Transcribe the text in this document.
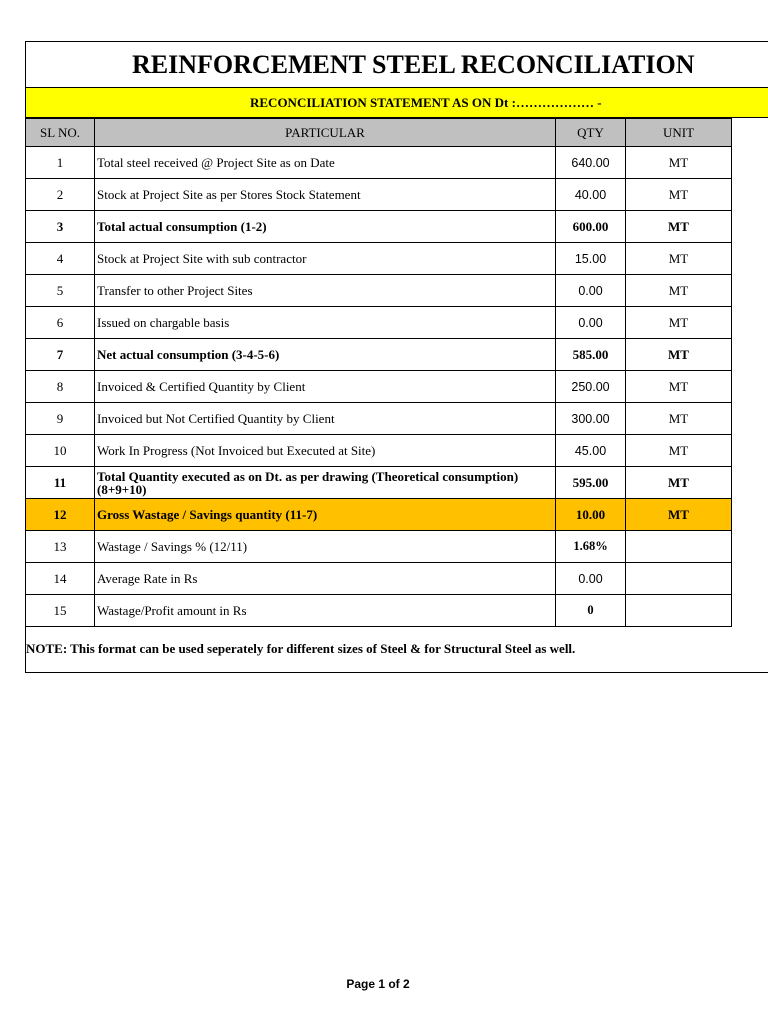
REINFORCEMENT STEEL RECONCILIATION
RECONCILIATION STATEMENT AS ON Dt :……………… -
SL NO.	PARTICULAR	QTY	UNIT
1	Total steel received @ Project Site as on Date	640.00	MT
2	Stock at Project Site as per Stores Stock Statement	40.00	MT
3	Total actual consumption (1-2)	600.00	MT
4	Stock at Project Site with sub contractor	15.00	MT
5	Transfer to other Project Sites	0.00	MT
6	Issued on chargable basis	0.00	MT
7	Net actual consumption (3-4-5-6)	585.00	MT
8	Invoiced & Certified Quantity by Client	250.00	MT
9	Invoiced but Not Certified Quantity by Client	300.00	MT
10	Work In Progress (Not Invoiced but Executed at Site)	45.00	MT
11	Total Quantity executed as on Dt. as per drawing (Theoretical consumption) (8+9+10)	595.00	MT
12	Gross Wastage / Savings quantity (11-7)	10.00	MT
13	Wastage / Savings % (12/11)	1.68%	
14	Average Rate in Rs	0.00	
15	Wastage/Profit amount in Rs	0	
NOTE: This format can be used seperately for different sizes of Steel & for Structural Steel as well.
Page 1 of 2
